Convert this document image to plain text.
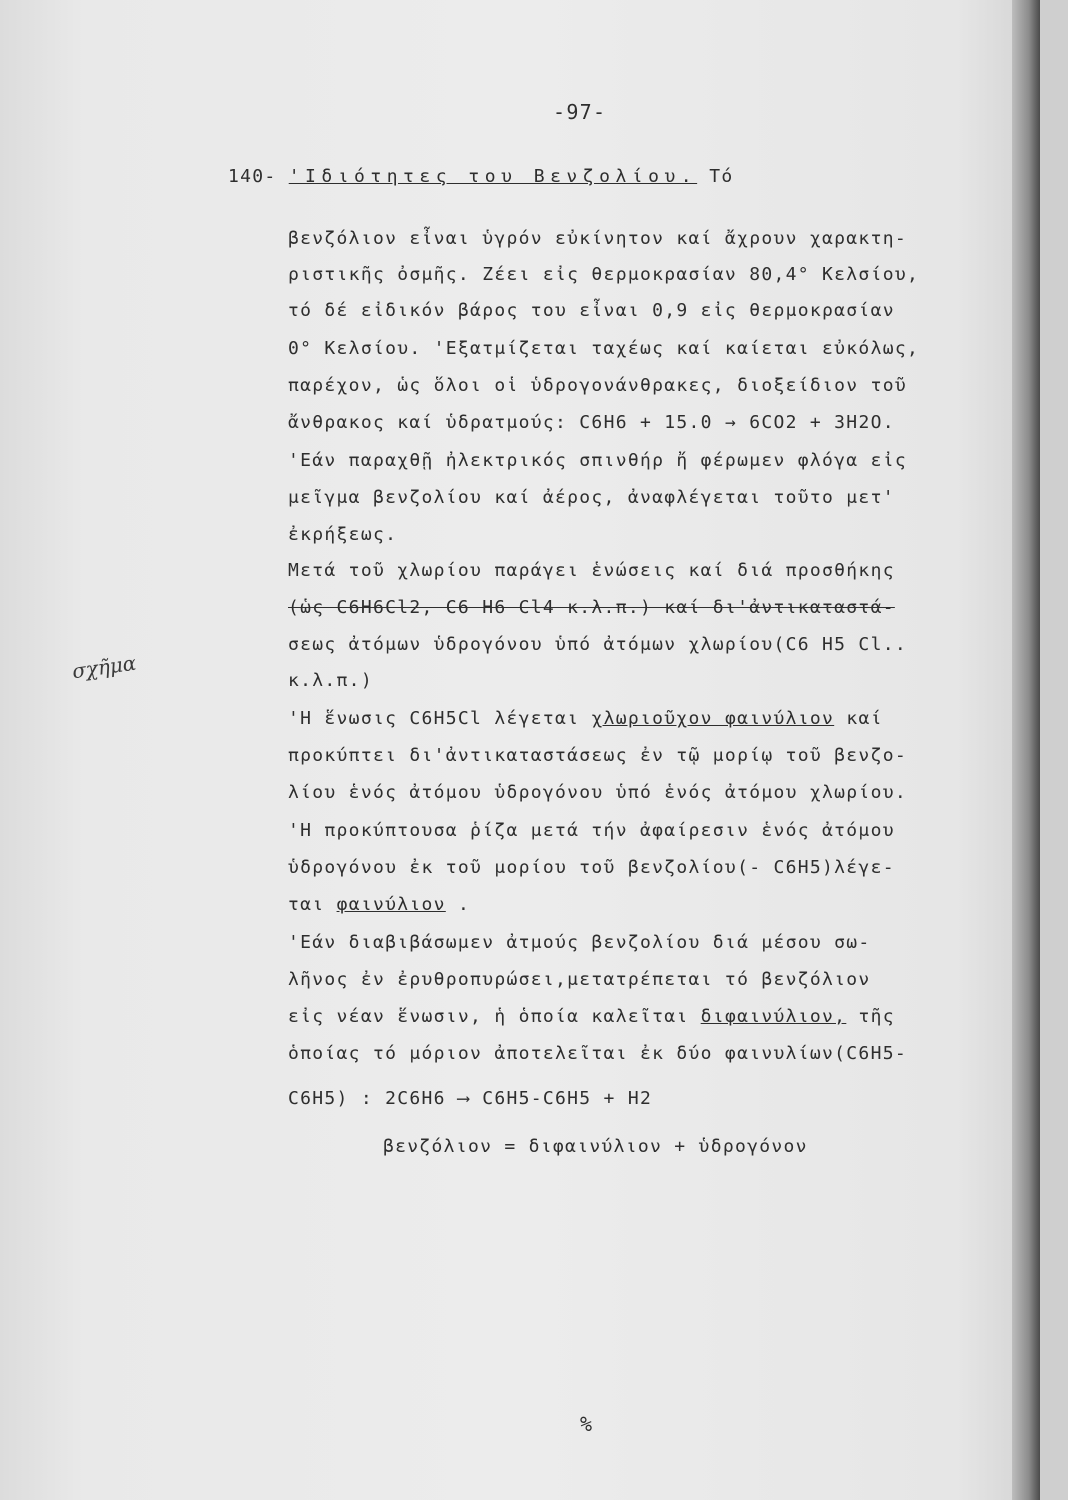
-97-
140- 'Ιδιότητες του Βενζολίου. Τό
βενζόλιον εἶναι ὑγρόν εὐκίνητον καί ἄχρουν χαρακτη-
ριστικῆς ὀσμῆς. Ζέει εἰς θερμοκρασίαν 80,4° Κελσίου,
τό δέ εἰδικόν βάρος του εἶναι 0,9 εἰς θερμοκρασίαν
0° Κελσίου. 'Εξατμίζεται ταχέως καί καίεται εὐκόλως,
παρέχον, ὡς ὅλοι οἱ ὑδρογονάνθρακες, διοξείδιον τοῦ
ἄνθρακος καί ὑδρατμούς: C6H6 + 15.0 → 6CO2 + 3H2O.
'Εάν παραχθῇ ἠλεκτρικός σπινθήρ ἤ φέρωμεν φλόγα εἰς
μεῖγμα βενζολίου καί ἀέρος, ἀναφλέγεται τοῦτο μετ'
ἐκρήξεως.
Μετά τοῦ χλωρίου παράγει ἑνώσεις καί διά προσθήκης
(ὡς C6H6Cl2, C6 H6 Cl4 κ.λ.π.) καί δι'ἀντικαταστά-
σεως ἀτόμων ὑδρογόνου ὑπό ἀτόμων χλωρίου(C6 H5 Cl..
κ.λ.π.)
'Η ἕνωσις C6H5Cl λέγεται χλωριοῦχον φαινύλιον καί
προκύπτει δι'ἀντικαταστάσεως ἐν τῷ μορίῳ τοῦ βενζο-
λίου ἑνός ἀτόμου ὑδρογόνου ὑπό ἑνός ἀτόμου χλωρίου.
'Η προκύπτουσα ῥίζα μετά τήν ἀφαίρεσιν ἑνός ἀτόμου
ὑδρογόνου ἐκ τοῦ μορίου τοῦ βενζολίου(- C6H5)λέγε-
ται φαινύλιον .
'Εάν διαβιβάσωμεν ἀτμούς βενζολίου διά μέσου σω-
λῆνος ἐν ἐρυθροπυρώσει,μετατρέπεται τό βενζόλιον
εἰς νέαν ἕνωσιν, ἡ ὁποία καλεῖται διφαινύλιον, τῆς
ὁποίας τό μόριον ἀποτελεῖται ἐκ δύο φαινυλίων(C6H5-
C6H5) : 2C6H6 ⟶ C6H5-C6H5 + H2
βενζόλιον = διφαινύλιον + ὑδρογόνον
σχῆμα
%
